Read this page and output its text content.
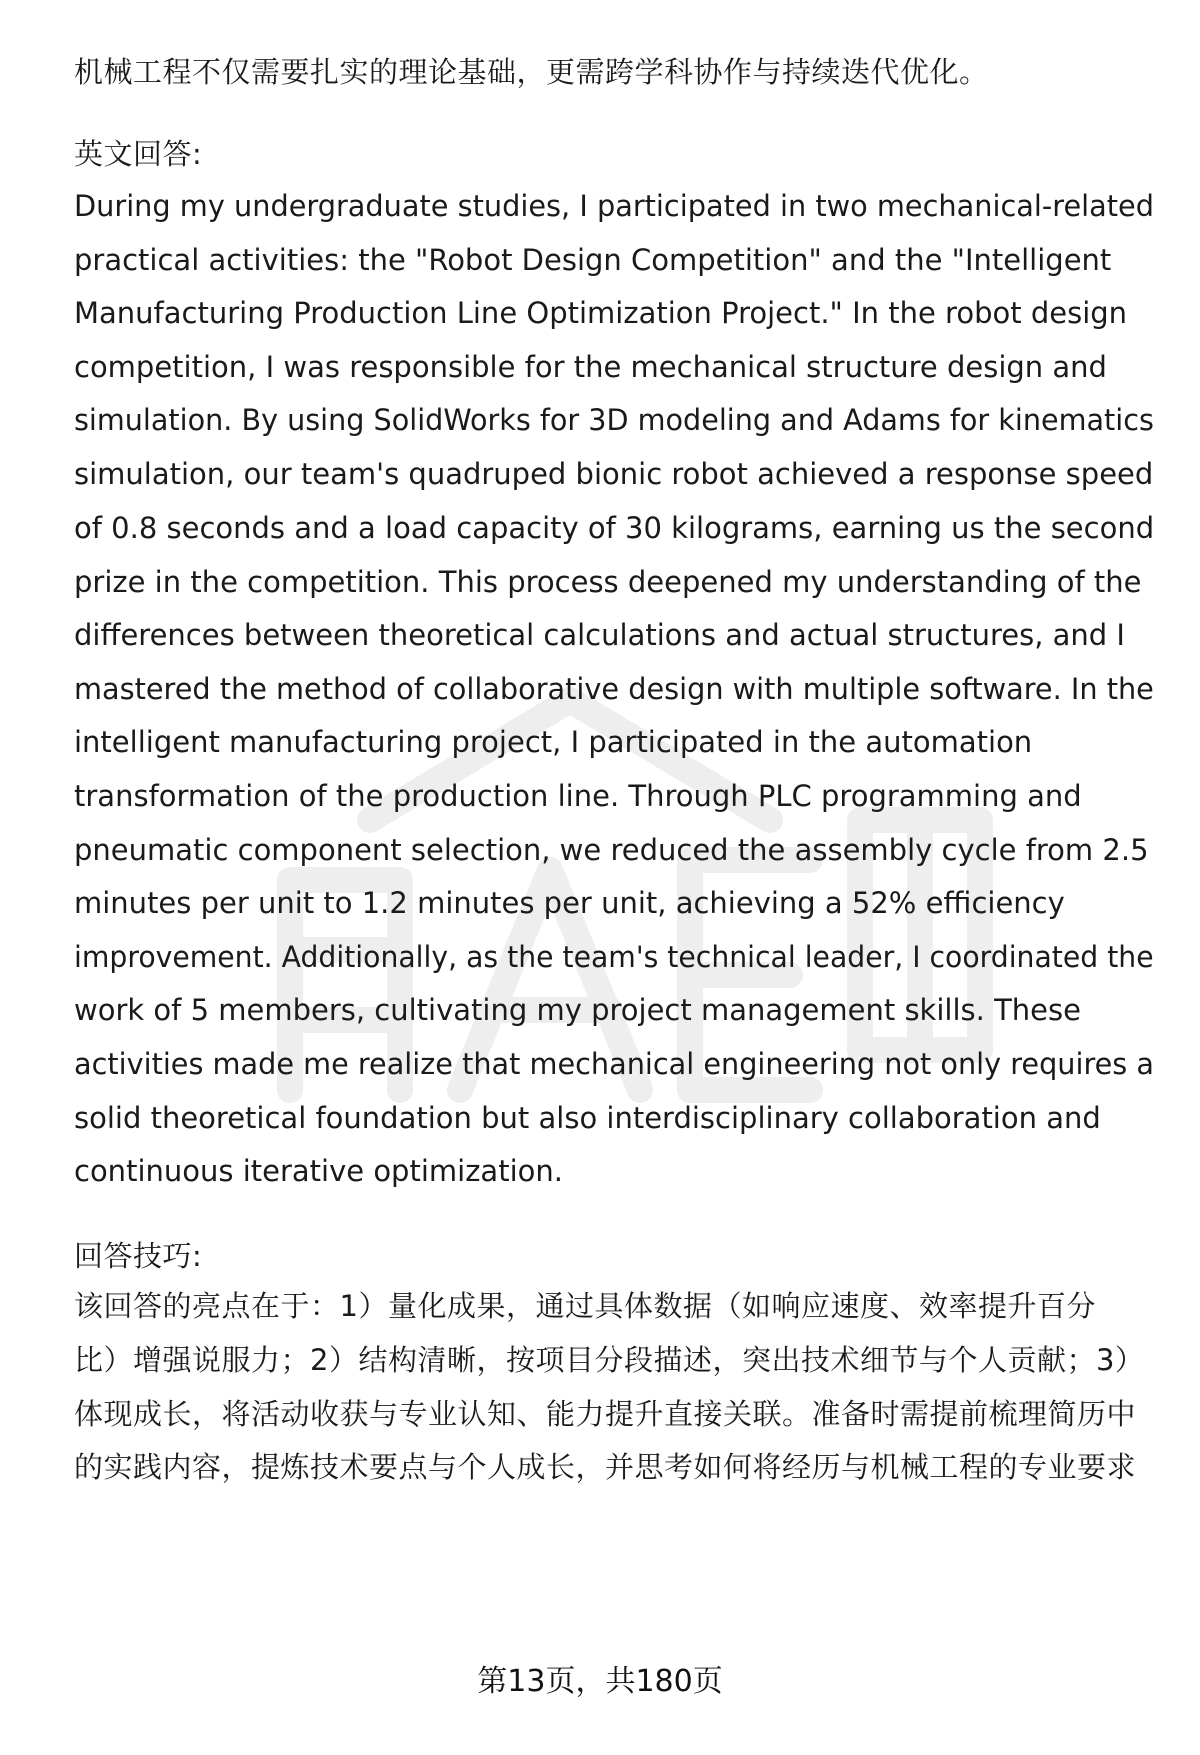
机械工程不仅需要扎实的理论基础，更需跨学科协作与持续迭代优化。
英文回答:
During my undergraduate studies, I participated in two mechanical-related
practical activities: the "Robot Design Competition" and the "Intelligent
Manufacturing Production Line Optimization Project." In the robot design
competition, I was responsible for the mechanical structure design and
simulation. By using SolidWorks for 3D modeling and Adams for kinematics
simulation, our team's quadruped bionic robot achieved a response speed
of 0.8 seconds and a load capacity of 30 kilograms, earning us the second
prize in the competition. This process deepened my understanding of the
differences between theoretical calculations and actual structures, and I
mastered the method of collaborative design with multiple software. In the
intelligent manufacturing project, I participated in the automation
transformation of the production line. Through PLC programming and
pneumatic component selection, we reduced the assembly cycle from 2.5
minutes per unit to 1.2 minutes per unit, achieving a 52% efficiency
improvement. Additionally, as the team's technical leader, I coordinated the
work of 5 members, cultivating my project management skills. These
activities made me realize that mechanical engineering not only requires a
solid theoretical foundation but also interdisciplinary collaboration and
continuous iterative optimization.
回答技巧:
该回答的亮点在于：1）量化成果，通过具体数据（如响应速度、效率提升百分
比）增强说服力；2）结构清晰，按项目分段描述，突出技术细节与个人贡献；3）
体现成长，将活动收获与专业认知、能力提升直接关联。准备时需提前梳理简历中
的实践内容，提炼技术要点与个人成长，并思考如何将经历与机械工程的专业要求
第13页，共180页
